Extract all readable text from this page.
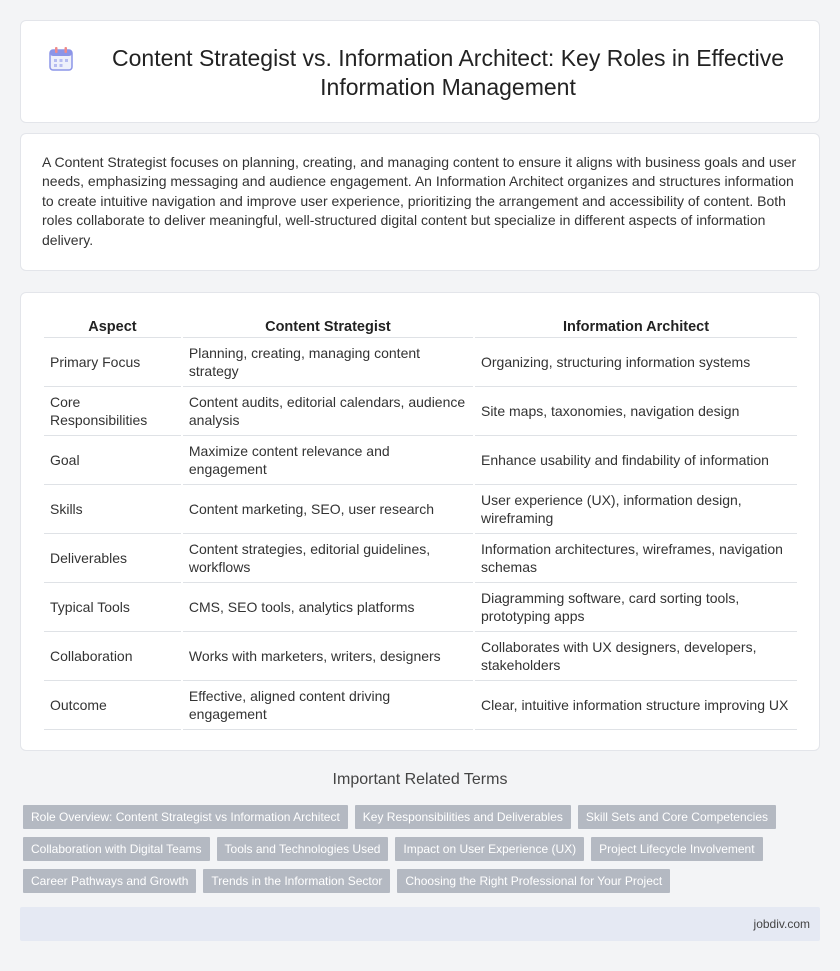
Content Strategist vs. Information Architect: Key Roles in Effective Information Management

A Content Strategist focuses on planning, creating, and managing content to ensure it aligns with business goals and user needs, emphasizing messaging and audience engagement. An Information Architect organizes and structures information to create intuitive navigation and improve user experience, prioritizing the arrangement and accessibility of content. Both roles collaborate to deliver meaningful, well-structured digital content but specialize in different aspects of information delivery.

Aspect	Content Strategist	Information Architect
Primary Focus	Planning, creating, managing content strategy	Organizing, structuring information systems
Core Responsibilities	Content audits, editorial calendars, audience analysis	Site maps, taxonomies, navigation design
Goal	Maximize content relevance and engagement	Enhance usability and findability of information
Skills	Content marketing, SEO, user research	User experience (UX), information design, wireframing
Deliverables	Content strategies, editorial guidelines, workflows	Information architectures, wireframes, navigation schemas
Typical Tools	CMS, SEO tools, analytics platforms	Diagramming software, card sorting tools, prototyping apps
Collaboration	Works with marketers, writers, designers	Collaborates with UX designers, developers, stakeholders
Outcome	Effective, aligned content driving engagement	Clear, intuitive information structure improving UX
Important Related Terms
Role Overview: Content Strategist vs Information Architect	Key Responsibilities and Deliverables	Skill Sets and Core Competencies
Collaboration with Digital Teams	Tools and Technologies Used	Impact on User Experience (UX)	Project Lifecycle Involvement
Career Pathways and Growth	Trends in the Information Sector	Choosing the Right Professional for Your Project
jobdiv.com
